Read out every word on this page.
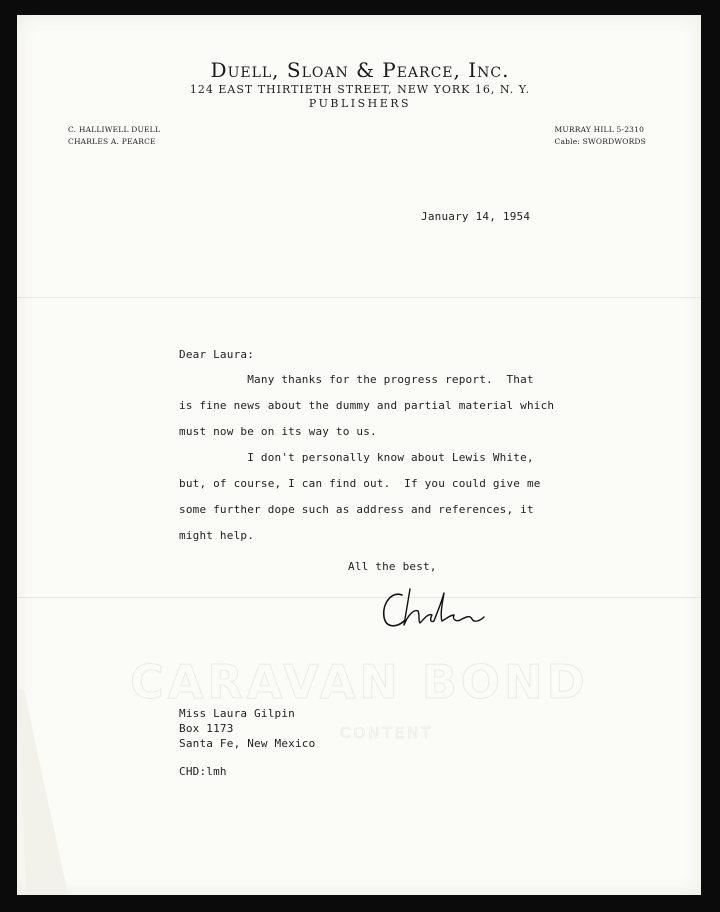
CARAVAN BOND
CONTENT
Duell, Sloan & Pearce, Inc.
124 EAST THIRTIETH STREET, NEW YORK 16, N. Y.
PUBLISHERS
C. HALLIWELL DUELL
CHARLES A. PEARCE
MURRAY HILL 5-2310
Cable: SWORDWORDS
January 14, 1954
Dear Laura:
Many thanks for the progress report.  That
is fine news about the dummy and partial material which
must now be on its way to us.
I don't personally know about Lewis White,
but, of course, I can find out.  If you could give me
some further dope such as address and references, it
might help.
All the best,
Miss Laura Gilpin
Box 1173
Santa Fe, New Mexico
CHD:lmh
